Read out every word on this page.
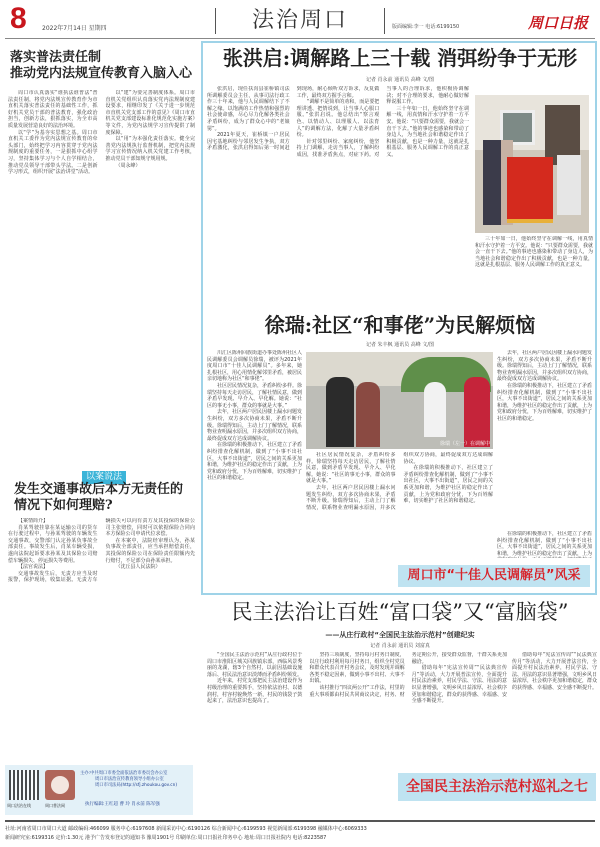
8	2022年7月14日 星期四	法治周口	版面编辑:李一 电话:6199150	周口日报
落实普法责任制
推动党内法规宣传教育入脑入心

周口市认真落实“谁执法谁普法”普法责任制，将党内法规宣传教育作为市直机关落实普法责任的基础性工作，抓好机关党员干部的普法教育，强化政治担当，创新方法，狠抓落实，为全市高质量发展营造良好的法治环境。

以“学”为基夯实思想之基。周口市直机关工委作为党内法规宣传教育的牵头部门，始终把学习内容贯穿于党内法规制度的重要任务，一是狠抓中心组学习，坚持集体学习与个人自学相结合，推动党员领导干部带头学法。二是创新学习形式，组织开展“法治讲堂”活动。

以“建”为要完善制度体系。周口市直机关党组织认真落实党内法规制度建设要求，相继印发了《关于进一步规范市直机关党支部工作的意见》《周口市直机关党支部建设标准化规范化实施方案》等文件，为党内法规学习宣传提供了制度保障。

以“用”为本强化责任落实。健全完善党内法规执行监督机制，把党内法规学习宣传情况纳入机关党建工作考核，推动党员干部知规守规用规。

（周永峰）

以案说法
发生交通事故后本方无责任的
情况下如何理赔?

【案情简介】

肖某驾驶挂靠在某运输公司的货车在行驶过程中，与孙某驾驶的车辆发生交通事故，交警部门认定孙某负事故全部责任。事故发生后，肖某车辆受损，遂向法院起诉要求孙某及其保险公司赔偿车辆损失、停运损失等费用。

【法官说法】

交通事故发生后，无责方应当及时报警，保护现场，收集证据。无责方车辆损失可以向有责方及其投保的保险公司主张赔偿，同时可以依据保险合同向本方保险公司申请代位求偿。

在本案中，法院经审理认为，孙某负事故全部责任，应当承担赔偿责任，其投保的保险公司在保险责任限额内先行赔付，不足部分由孙某承担。

（沈丘县人民法院）

周口法治在线	周口普法网
主办:中共周口市委全面依法治市委员会办公室
周口市法治宣传教育领导小组办公室
周口市司法局(http://sfj.zhoukou.gov.cn)
执行编辑:王红超 曹 玲 肖永前 陈军强
张洪启:调解路上三十载 消弭纷争于无形
记者 肖永前 通讯员 高峰 文/图

张洪启，现任扶沟县崔桥镇司法所调解委员会主任，从事司法行政工作三十年来，他与人民调解结下了不解之缘。以饱满的工作热情和强烈的社会使命感，尽心尽力化解各类社会矛盾纠纷，成为了群众心中的“老娘舅”。

2021年夏天，崔桥镇一户居民因宅基地纠纷与邻居发生争执，双方矛盾激化，张洪启得知后第一时间赶到现场，耐心倾听双方诉求，反复做工作，最终双方握手言和。

“调解不是简单的劝和，而是要把理讲透、把情说到，让当事人心服口服。”张洪启说。他总结出“察言观色、以情动人、以理服人、以法育人”的调解方法，化解了大量矛盾纠纷。

针对邻里纠纷、家庭纠纷，他坚持上门调解，走访当事人，了解纠纷成因，找准矛盾焦点，对症下药。对当事人的合理诉求，他积极协调解决；对不合理的要求，他耐心做好解释说服工作。

三十年如一日，他始终坚守在调解一线，用真情和汗水守护着一方平安。他说：“只要群众需要，我就会一直干下去。”他的事迹也感染和带动了身边人，为当地社会和谐稳定作出了积极贡献，也是一种力量，这就是扎根基层、服务人民调解工作的真正意义。

三十年如一日，他始终坚守在调解一线，用真情和汗水守护着一方平安。他说：“只要群众需要，我就会一直干下去。”他的事迹也感染和带动了身边人，为当地社会和谐稳定作出了积极贡献，也是一种力量，这就是扎根基层、服务人民调解工作的真正意义。

徐瑞:社区“和事佬”为民解烦恼
记者 朱丰枫 通讯员 高峰 文/图

川汇区陈州回族街道办事处陈州社区人民调解委员会调解员徐瑞，被评为2021年度周口市“十佳人民调解员”。多年来，她扎根社区，用心用情化解邻里矛盾，被居民亲切地称为社区“和事佬”。

社区居民情况复杂，矛盾纠纷多样。徐瑞坚持每天走访居民，了解社情民意，做到矛盾早发现、早介入、早化解。她说：“社区的事无小事，群众的事就是大事。”

去年，社区两户居民因楼上漏水问题发生纠纷，双方多次协商未果，矛盾不断升级。徐瑞得知后，主动上门了解情况，联系物业查明漏水原因，并多次组织双方协商，最终促成双方达成调解协议。

在徐瑞的积极推动下，社区建立了矛盾纠纷排查化解机制，做到了“小事不出社区，大事不出街道”，居民之间的关系更加和谐，为维护社区的稳定作出了贡献，上为党和政府分忧，下为百姓解难，切实维护了社区的和谐稳定。

徐瑞（左一）在调解中

社区居民情况复杂，矛盾纠纷多样。徐瑞坚持每天走访居民，了解社情民意，做到矛盾早发现、早介入、早化解。她说：“社区的事无小事，群众的事就是大事。”

去年，社区两户居民因楼上漏水问题发生纠纷，双方多次协商未果，矛盾不断升级。徐瑞得知后，主动上门了解情况，联系物业查明漏水原因，并多次组织双方协商，最终促成双方达成调解协议。

在徐瑞的积极推动下，社区建立了矛盾纠纷排查化解机制，做到了“小事不出社区，大事不出街道”，居民之间的关系更加和谐，为维护社区的稳定作出了贡献，上为党和政府分忧，下为百姓解难，切实维护了社区的和谐稳定。

去年，社区两户居民因楼上漏水问题发生纠纷，双方多次协商未果，矛盾不断升级。徐瑞得知后，主动上门了解情况，联系物业查明漏水原因，并多次组织双方协商，最终促成双方达成调解协议。

在徐瑞的积极推动下，社区建立了矛盾纠纷排查化解机制，做到了“小事不出社区，大事不出街道”，居民之间的关系更加和谐，为维护社区的稳定作出了贡献，上为党和政府分忧，下为百姓解难，切实维护了社区的和谐稳定。

在徐瑞的积极推动下，社区建立了矛盾纠纷排查化解机制，做到了“小事不出社区，大事不出街道”，居民之间的关系更加和谐，为维护社区的稳定作出了贡献，上为

周口市“十佳人民调解员”风采
民主法治让百姓“富口袋”又“富脑袋”
——从庄行政村“全国民主法治示范村”创建纪实
记者 肖永前 通讯员 刘富真

“全国民主法治示范村”从庄行政村位于周口市淮阳区城关回族镇东部，西临风景秀丽的龙湖，辖3个自然村，以前因基础设施落后、村民法治意识淡薄而矛盾纠纷频发。

近年来，村党支部把民主法治建设作为村级治理的重要抓手，坚持依法治村、以德润村，村容村貌焕然一新，村民的钱袋子鼓起来了，法治意识也提高了。

坚持三项制度，坚持每月村务日制度，以庄行政村利用每月村务日，组织全村党员和群众代表召开村务会议，及时发现并调解各类不稳定因素，做到小事不出村、大事不出镇。

该村推行“四议两公开”工作法，村里的重大事项都由村民共同商议决定，村务、财务定期公开，接受群众监督，干群关系更加融洽。

借助每年“宪法宣传周”“民法典宣传月”等活动，大力开展普法宣传，全面提升村民法治素养，村民学法、守法、用法的意识显著增强，文明乡风日益浓厚，社会秩序更加和谐稳定，群众的获得感、幸福感、安全感不断提升。

借助每年“宪法宣传周”“民法典宣传月”等活动，大力开展普法宣传，全面提升村民法治素养，村民学法、守法、用法的意识显著增强，文明乡风日益浓厚，社会秩序更加和谐稳定，群众的获得感、幸福感、安全感不断提升。

全国民主法治示范村巡礼之七
社址:河南省周口市周口大道 邮政编码:466099 服务中心:6197608 新闻采访中心:6190126 综合新闻中心:6199593 视觉新闻部:6199398 融媒体中心:6069333
新闻研究室:6199316 定价:1.30元 港予广告发布登记的通知书 豫周1901号 印刷单位:周口日报社印务中心 地址:周口日报社院内 电话:8223587
